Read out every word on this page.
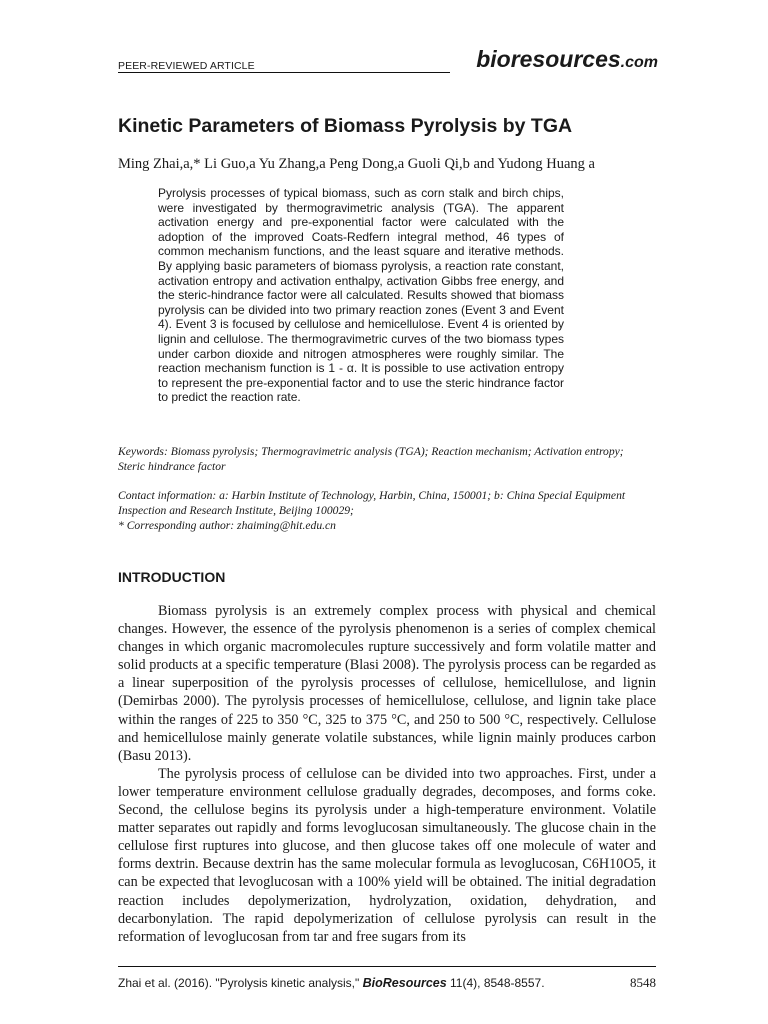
PEER-REVIEWED ARTICLE	bioresources.com
Kinetic Parameters of Biomass Pyrolysis by TGA
Ming Zhai,a,* Li Guo,a Yu Zhang,a Peng Dong,a Guoli Qi,b and Yudong Huang a
Pyrolysis processes of typical biomass, such as corn stalk and birch chips, were investigated by thermogravimetric analysis (TGA). The apparent activation energy and pre-exponential factor were calculated with the adoption of the improved Coats-Redfern integral method, 46 types of common mechanism functions, and the least square and iterative methods. By applying basic parameters of biomass pyrolysis, a reaction rate constant, activation entropy and activation enthalpy, activation Gibbs free energy, and the steric-hindrance factor were all calculated. Results showed that biomass pyrolysis can be divided into two primary reaction zones (Event 3 and Event 4). Event 3 is focused by cellulose and hemicellulose. Event 4 is oriented by lignin and cellulose. The thermogravimetric curves of the two biomass types under carbon dioxide and nitrogen atmospheres were roughly similar. The reaction mechanism function is 1 - α. It is possible to use activation entropy to represent the pre-exponential factor and to use the steric hindrance factor to predict the reaction rate.
Keywords: Biomass pyrolysis; Thermogravimetric analysis (TGA); Reaction mechanism; Activation entropy; Steric hindrance factor

Contact information: a: Harbin Institute of Technology, Harbin, China, 150001; b: China Special Equipment Inspection and Research Institute, Beijing 100029;

* Corresponding author: zhaiming@hit.edu.cn

INTRODUCTION

Biomass pyrolysis is an extremely complex process with physical and chemical changes. However, the essence of the pyrolysis phenomenon is a series of complex chemical changes in which organic macromolecules rupture successively and form volatile matter and solid products at a specific temperature (Blasi 2008). The pyrolysis process can be regarded as a linear superposition of the pyrolysis processes of cellulose, hemicellulose, and lignin (Demirbas 2000). The pyrolysis processes of hemicellulose, cellulose, and lignin take place within the ranges of 225 to 350 °C, 325 to 375 °C, and 250 to 500 °C, respectively. Cellulose and hemicellulose mainly generate volatile substances, while lignin mainly produces carbon (Basu 2013).

The pyrolysis process of cellulose can be divided into two approaches. First, under a lower temperature environment cellulose gradually degrades, decomposes, and forms coke. Second, the cellulose begins its pyrolysis under a high-temperature environment. Volatile matter separates out rapidly and forms levoglucosan simultaneously. The glucose chain in the cellulose first ruptures into glucose, and then glucose takes off one molecule of water and forms dextrin. Because dextrin has the same molecular formula as levoglucosan, C6H10O5, it can be expected that levoglucosan with a 100% yield will be obtained. The initial degradation reaction includes depolymerization, hydrolyzation, oxidation, dehydration, and decarbonylation. The rapid depolymerization of cellulose pyrolysis can result in the reformation of levoglucosan from tar and free sugars from its

Zhai et al. (2016). "Pyrolysis kinetic analysis," BioResources 11(4), 8548-8557.	8548
